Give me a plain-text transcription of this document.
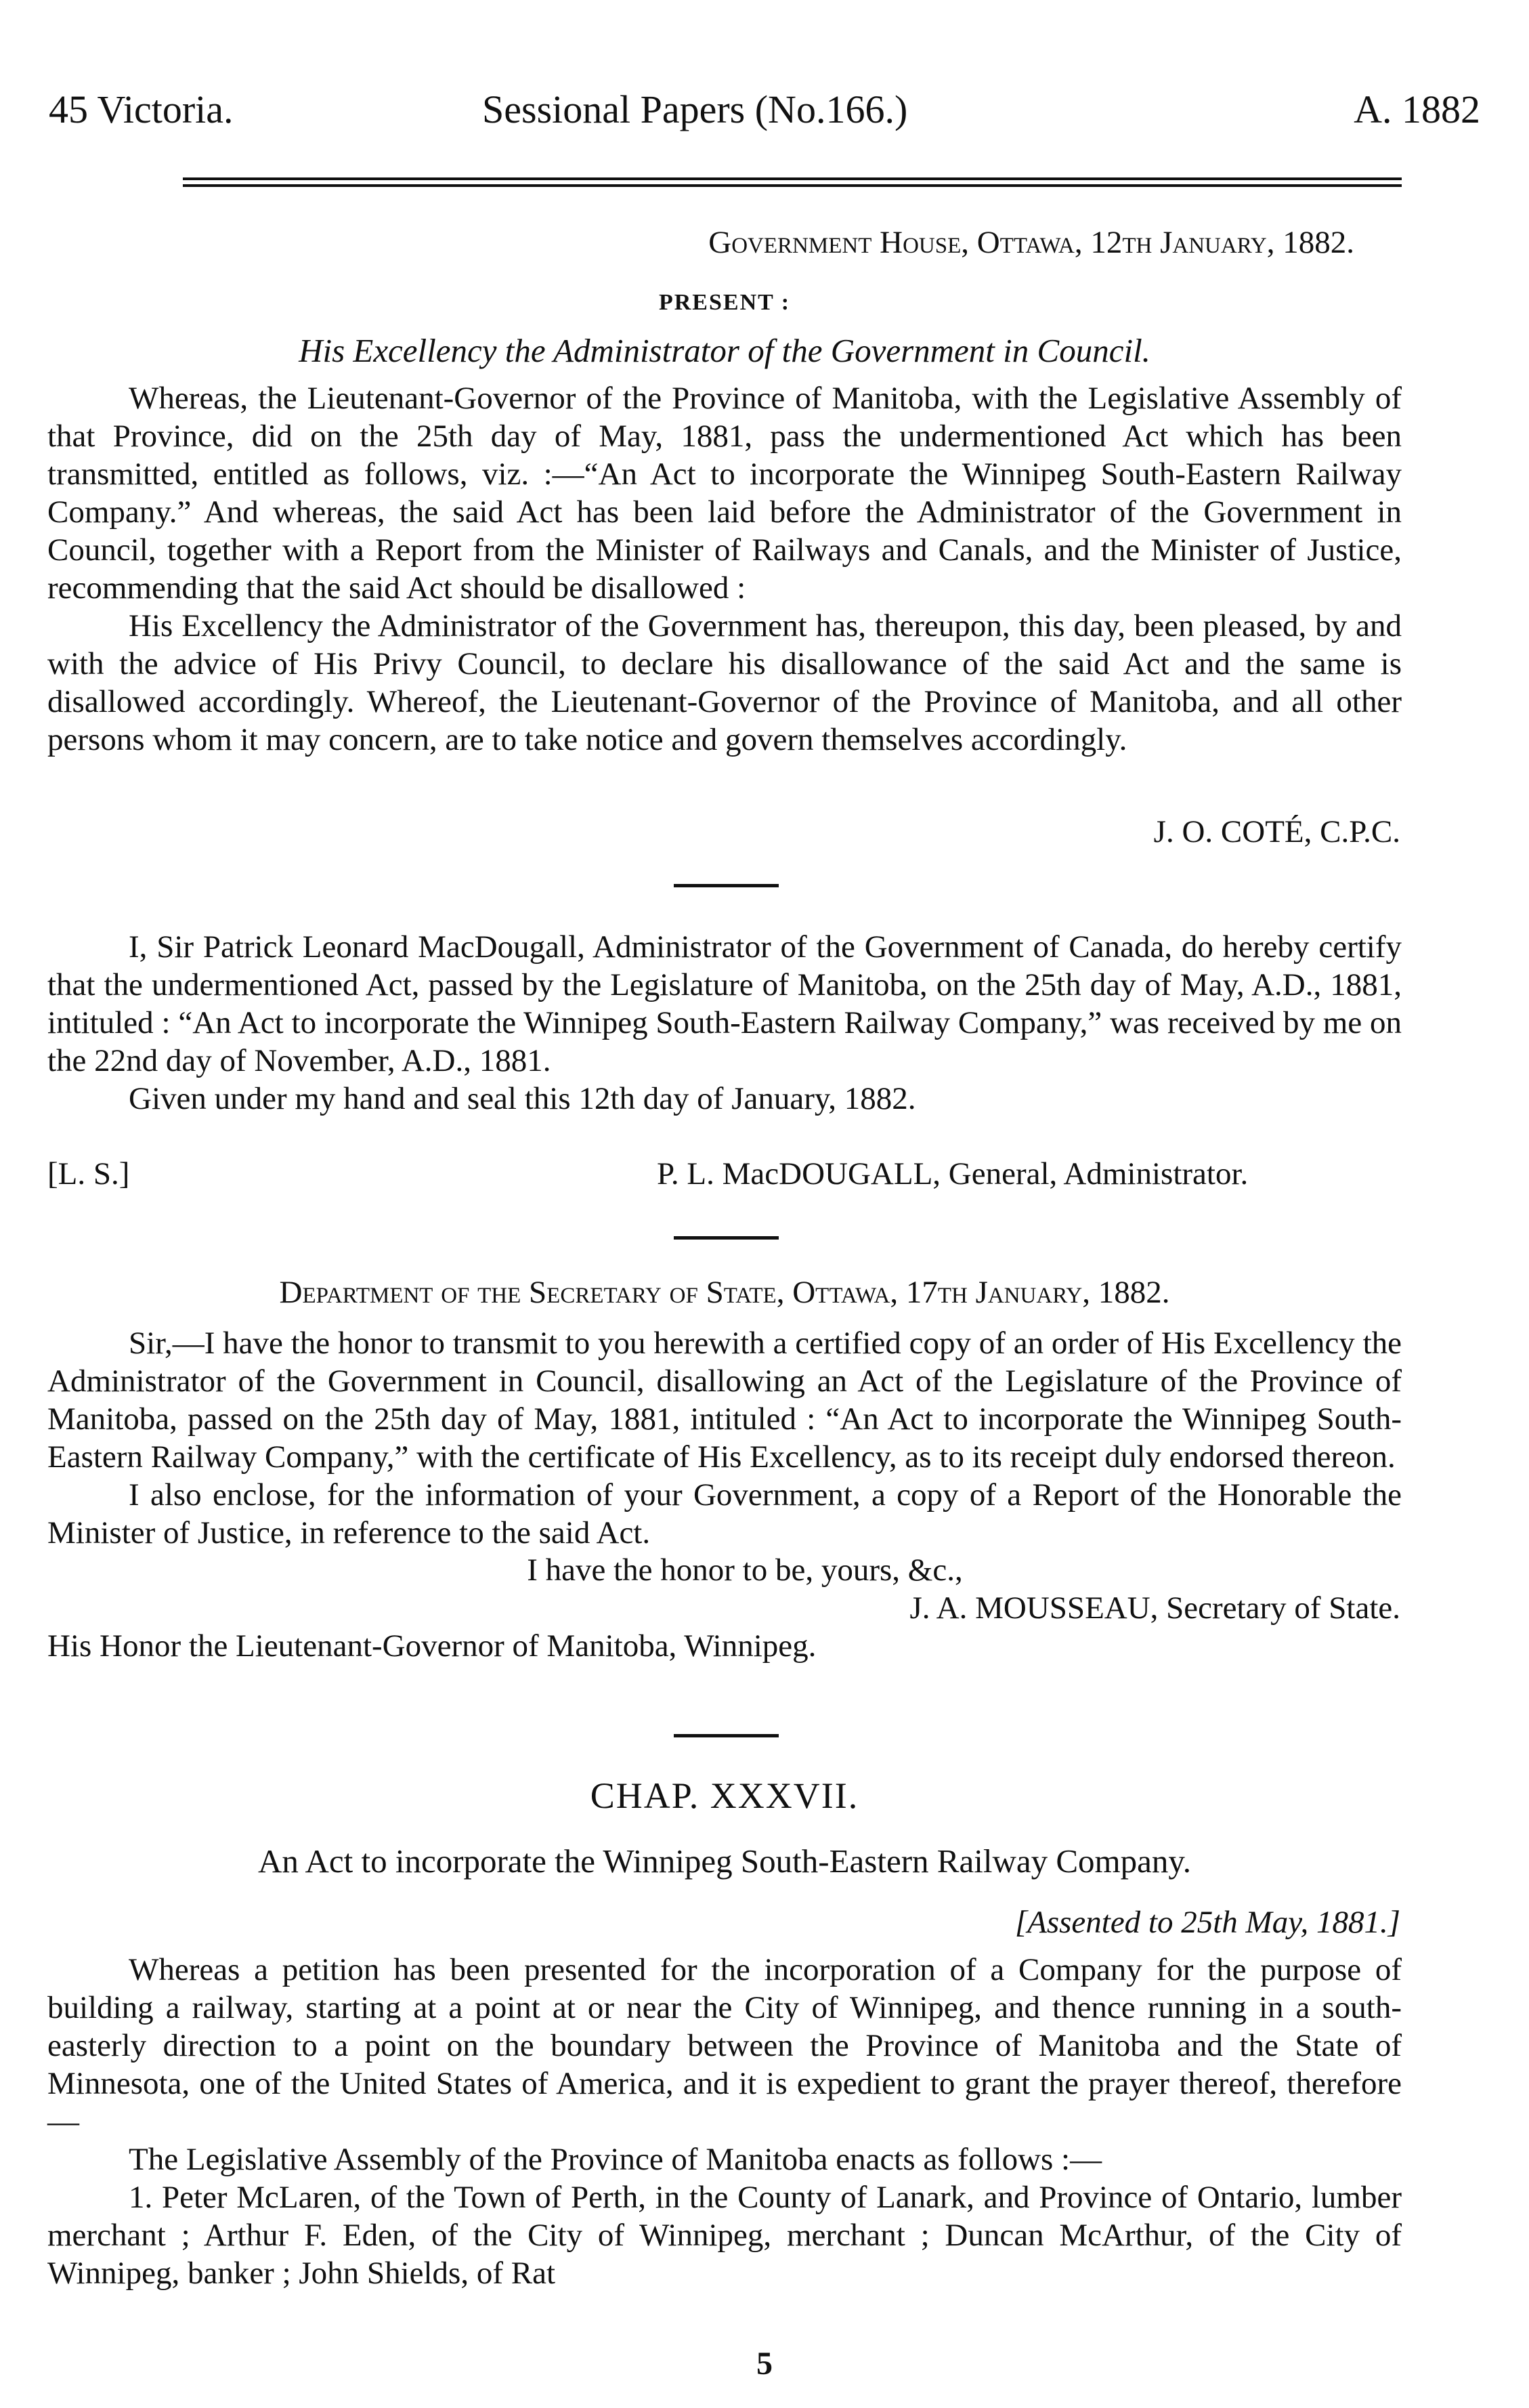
45 Victoria.	Sessional Papers (No.166.)	A. 1882
Government House, Ottawa, 12th January, 1882.
PRESENT :
His Excellency the Administrator of the Government in Council.

Whereas, the Lieutenant-Governor of the Province of Manitoba, with the Legislative Assembly of that Province, did on the 25th day of May, 1881, pass the undermentioned Act which has been transmitted, entitled as follows, viz. :—“An Act to incorporate the Winnipeg South-Eastern Railway Company.” And whereas, the said Act has been laid before the Administrator of the Government in Council, together with a Report from the Minister of Railways and Canals, and the Minister of Justice, recommending that the said Act should be disallowed :

His Excellency the Administrator of the Government has, thereupon, this day, been pleased, by and with the advice of His Privy Council, to declare his disallowance of the said Act and the same is disallowed accordingly. Whereof, the Lieutenant-Governor of the Province of Manitoba, and all other persons whom it may concern, are to take notice and govern themselves accordingly.

J. O. COTÉ, C.P.C.

I, Sir Patrick Leonard MacDougall, Administrator of the Government of Canada, do hereby certify that the undermentioned Act, passed by the Legislature of Manitoba, on the 25th day of May, A.D., 1881, intituled : “An Act to incorporate the Winnipeg South-Eastern Railway Company,” was received by me on the 22nd day of November, A.D., 1881.

Given under my hand and seal this 12th day of January, 1882.

[L. S.]	P. L. MacDOUGALL, General, Administrator.
Department of the Secretary of State, Ottawa, 17th January, 1882.

Sir,—I have the honor to transmit to you herewith a certified copy of an order of His Excellency the Administrator of the Government in Council, disallowing an Act of the Legislature of the Province of Manitoba, passed on the 25th day of May, 1881, intituled : “An Act to incorporate the Winnipeg South-Eastern Railway Company,” with the certificate of His Excellency, as to its receipt duly endorsed thereon.

I also enclose, for the information of your Government, a copy of a Report of the Honorable the Minister of Justice, in reference to the said Act.

I have the honor to be, yours, &c.,
J. A. MOUSSEAU, Secretary of State.

His Honor the Lieutenant-Governor of Manitoba, Winnipeg.

CHAP. XXXVII.
An Act to incorporate the Winnipeg South-Eastern Railway Company.
[Assented to 25th May, 1881.]

Whereas a petition has been presented for the incorporation of a Company for the purpose of building a railway, starting at a point at or near the City of Winnipeg, and thence running in a south-easterly direction to a point on the boundary between the Province of Manitoba and the State of Minnesota, one of the United States of America, and it is expedient to grant the prayer thereof, therefore—

The Legislative Assembly of the Province of Manitoba enacts as follows :—

1. Peter McLaren, of the Town of Perth, in the County of Lanark, and Province of Ontario, lumber merchant ; Arthur F. Eden, of the City of Winnipeg, merchant ; Duncan McArthur, of the City of Winnipeg, banker ; John Shields, of Rat

5
